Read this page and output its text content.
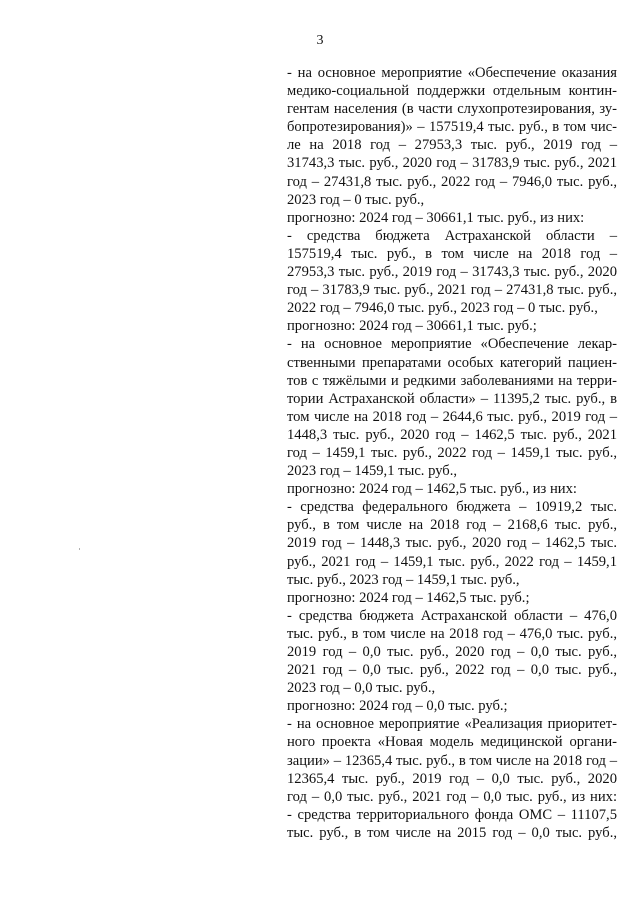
3
- на основное мероприятие «Обеспечение оказания
медико-социальной поддержки отдельным контин-
гентам населения (в части слухопротезирования, зу-
бопротезирования)» – 157519,4 тыс. руб., в том чис-
ле на 2018 год – 27953,3 тыс. руб., 2019 год –
31743,3 тыс. руб., 2020 год – 31783,9 тыс. руб., 2021
год – 27431,8 тыс. руб., 2022 год – 7946,0 тыс. руб.,
2023 год – 0 тыс. руб.,
прогнозно: 2024 год – 30661,1 тыс. руб., из них:
- средства бюджета Астраханской области –
157519,4 тыс. руб., в том числе на 2018 год –
27953,3 тыс. руб., 2019 год – 31743,3 тыс. руб., 2020
год – 31783,9 тыс. руб., 2021 год – 27431,8 тыс. руб.,
2022 год – 7946,0 тыс. руб., 2023 год – 0 тыс. руб.,
прогнозно: 2024 год – 30661,1 тыс. руб.;
- на основное мероприятие «Обеспечение лекар-
ственными препаратами особых категорий пациен-
тов с тяжёлыми и редкими заболеваниями на терри-
тории Астраханской области» – 11395,2 тыс. руб., в
том числе на 2018 год – 2644,6 тыс. руб., 2019 год –
1448,3 тыс. руб., 2020 год – 1462,5 тыс. руб., 2021
год – 1459,1 тыс. руб., 2022 год – 1459,1 тыс. руб.,
2023 год – 1459,1 тыс. руб.,
прогнозно: 2024 год – 1462,5 тыс. руб., из них:
- средства федерального бюджета – 10919,2 тыс.
руб., в том числе на 2018 год – 2168,6 тыс. руб.,
2019 год – 1448,3 тыс. руб., 2020 год – 1462,5 тыс.
руб., 2021 год – 1459,1 тыс. руб., 2022 год – 1459,1
тыс. руб., 2023 год – 1459,1 тыс. руб.,
прогнозно: 2024 год – 1462,5 тыс. руб.;
- средства бюджета Астраханской области – 476,0
тыс. руб., в том числе на 2018 год – 476,0 тыс. руб.,
2019 год – 0,0 тыс. руб., 2020 год – 0,0 тыс. руб.,
2021 год – 0,0 тыс. руб., 2022 год – 0,0 тыс. руб.,
2023 год – 0,0 тыс. руб.,
прогнозно: 2024 год – 0,0 тыс. руб.;
- на основное мероприятие «Реализация приоритет-
ного проекта «Новая модель медицинской органи-
зации» – 12365,4 тыс. руб., в том числе на 2018 год –
12365,4 тыс. руб., 2019 год – 0,0 тыс. руб., 2020
год – 0,0 тыс. руб., 2021 год – 0,0 тыс. руб., из них:
- средства территориального фонда ОМС – 11107,5
тыс. руб., в том числе на 2015 год – 0,0 тыс. руб.,
